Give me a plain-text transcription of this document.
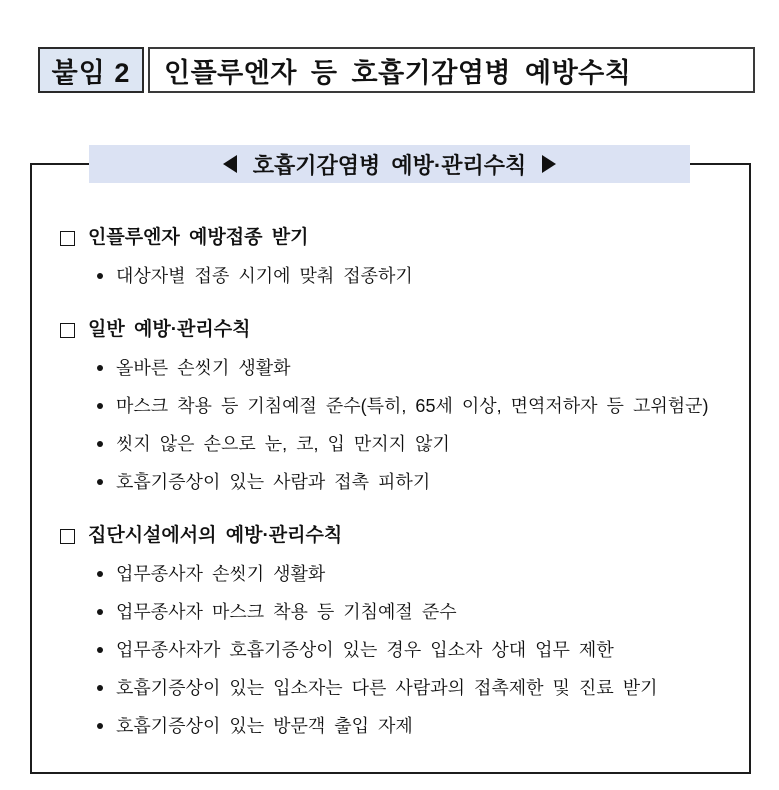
붙임 2	인플루엔자 등 호흡기감염병 예방수칙
호흡기감염병 예방·관리수칙
인플루엔자 예방접종 받기
대상자별 접종 시기에 맞춰 접종하기
일반 예방·관리수칙
올바른 손씻기 생활화
마스크 착용 등 기침예절 준수(특히, 65세 이상, 면역저하자 등 고위험군)
씻지 않은 손으로 눈, 코, 입 만지지 않기
호흡기증상이 있는 사람과 접촉 피하기
집단시설에서의 예방·관리수칙
업무종사자 손씻기 생활화
업무종사자 마스크 착용 등 기침예절 준수
업무종사자가 호흡기증상이 있는 경우 입소자 상대 업무 제한
호흡기증상이 있는 입소자는 다른 사람과의 접촉제한 및 진료 받기
호흡기증상이 있는 방문객 출입 자제
